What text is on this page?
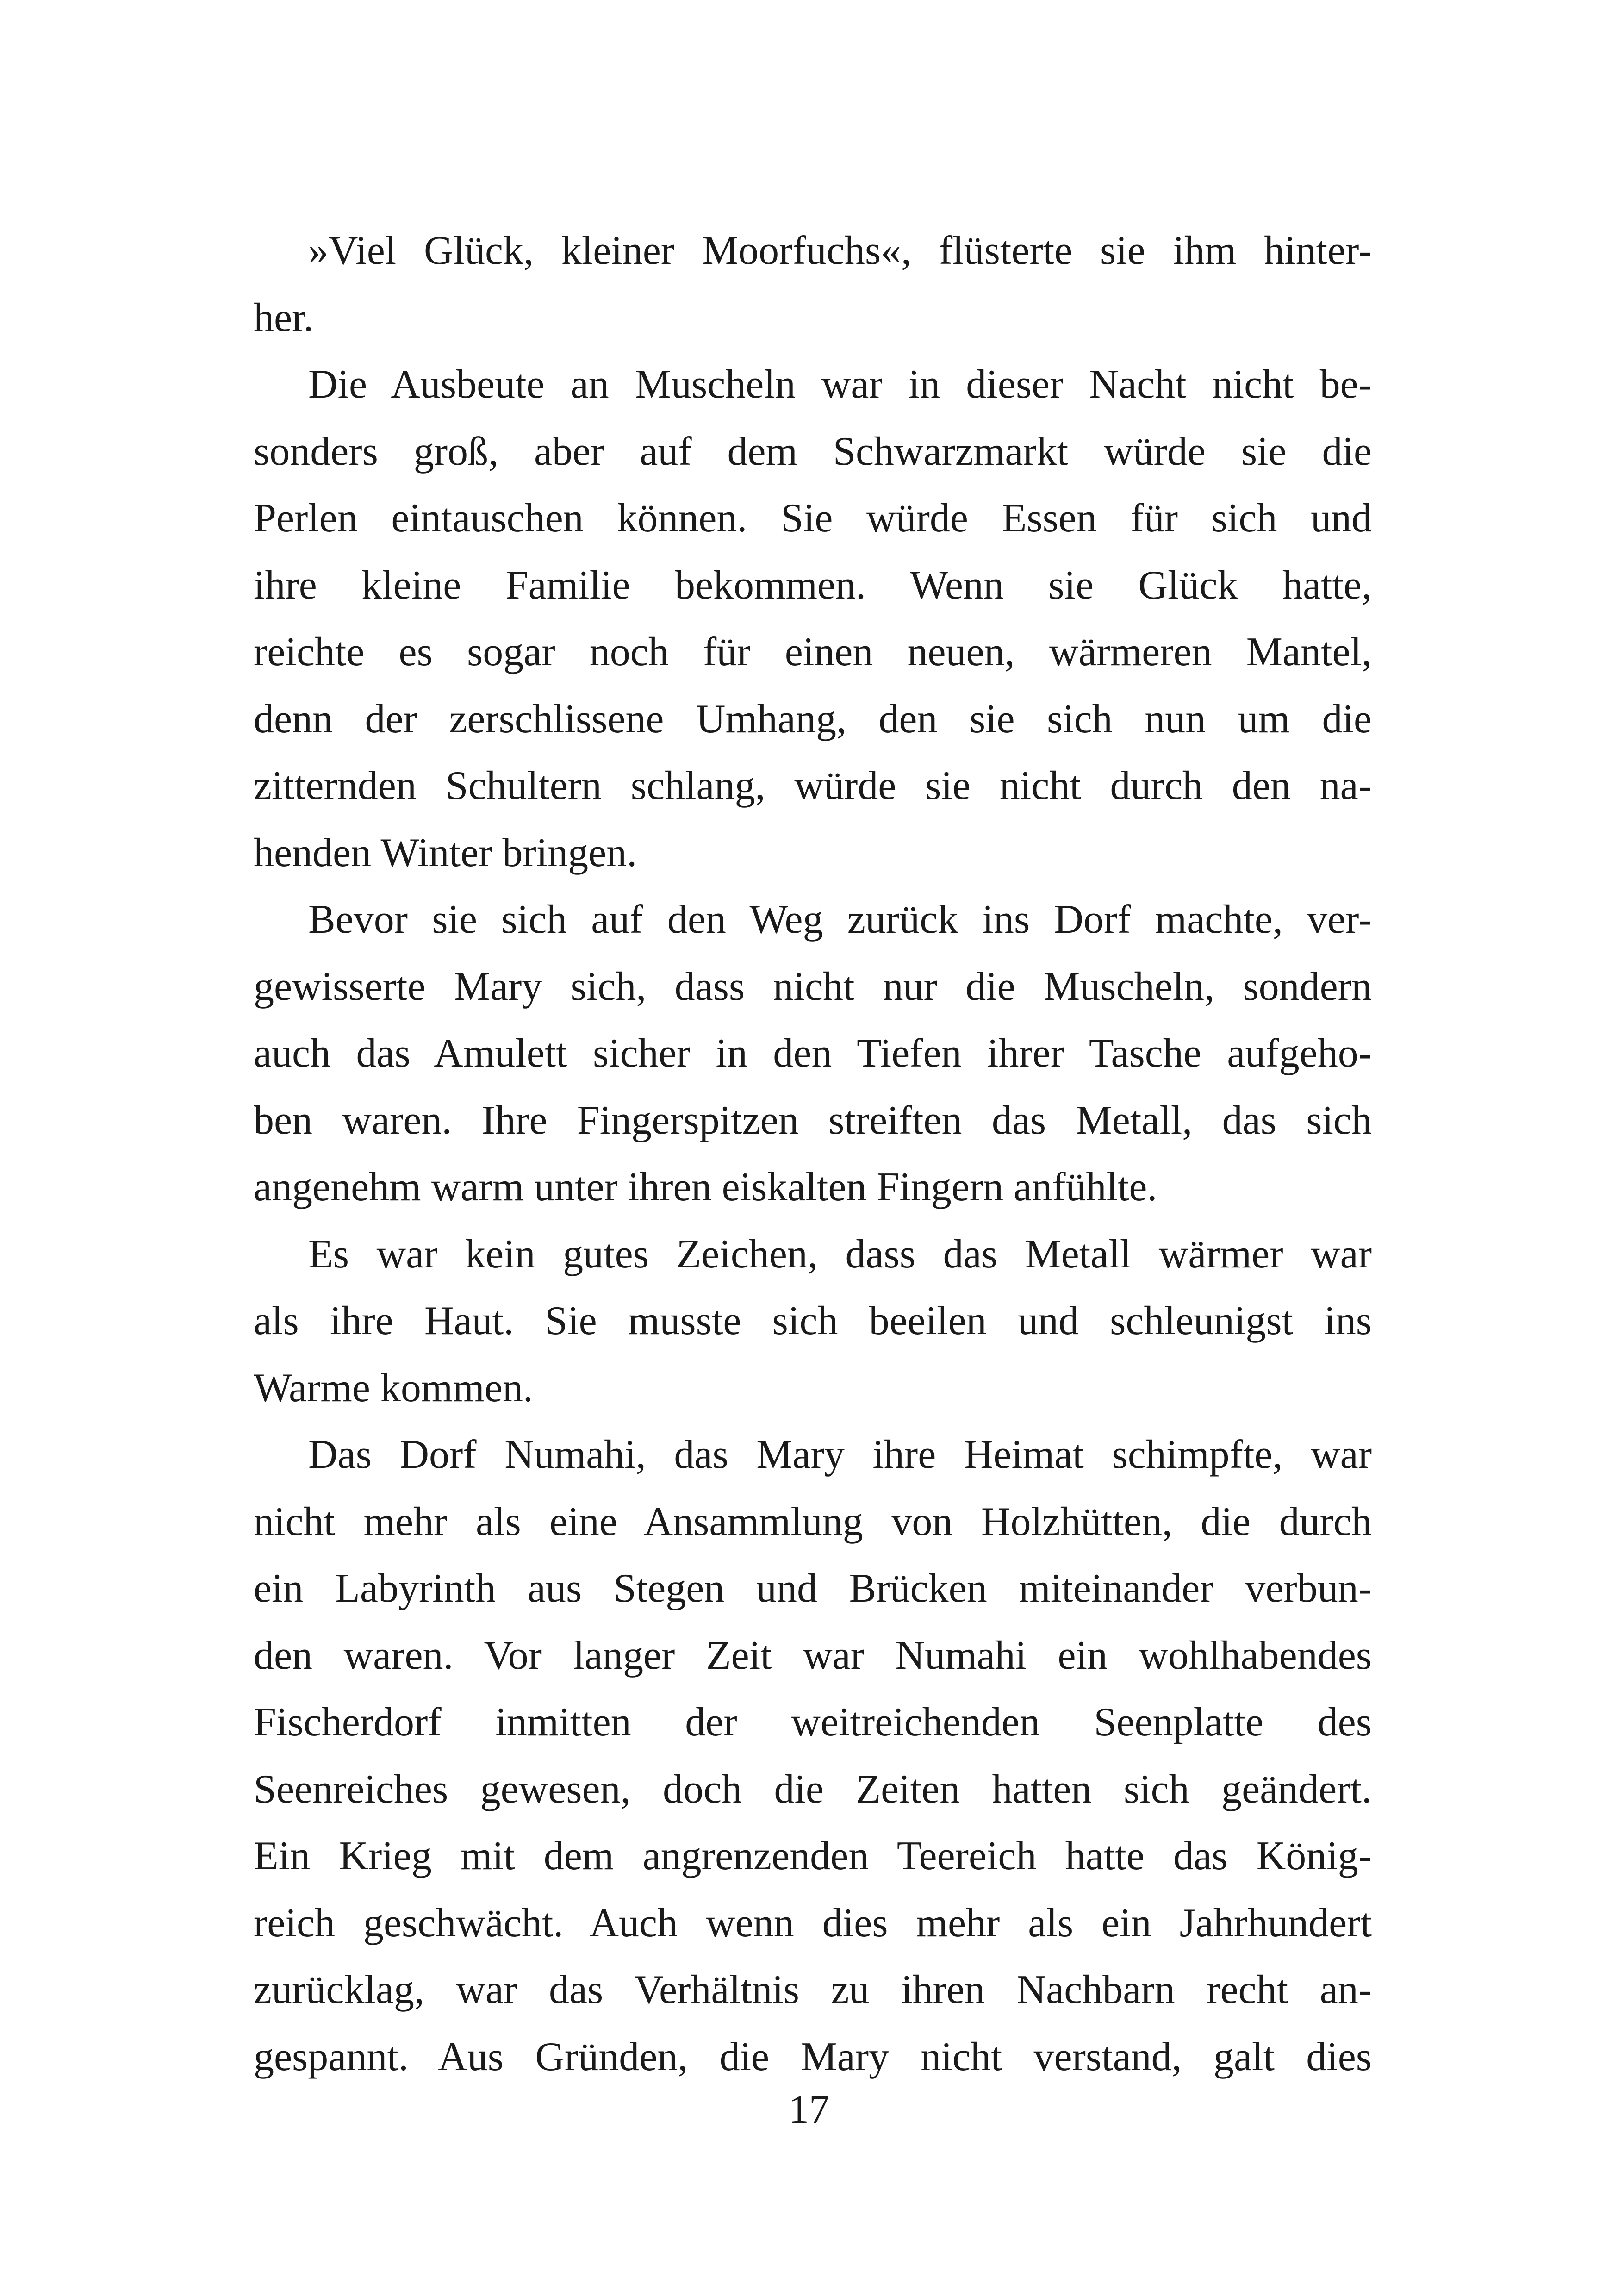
»Viel Glück, kleiner Moorfuchs«, flüsterte sie ihm hinter-
her.
Die Ausbeute an Muscheln war in dieser Nacht nicht be-
sonders groß, aber auf dem Schwarzmarkt würde sie die
Perlen eintauschen können. Sie würde Essen für sich und
ihre kleine Familie bekommen. Wenn sie Glück hatte,
reichte es sogar noch für einen neuen, wärmeren Mantel,
denn der zerschlissene Umhang, den sie sich nun um die
zitternden Schultern schlang, würde sie nicht durch den na-
henden Winter bringen.
Bevor sie sich auf den Weg zurück ins Dorf machte, ver-
gewisserte Mary sich, dass nicht nur die Muscheln, sondern
auch das Amulett sicher in den Tiefen ihrer Tasche aufgeho-
ben waren. Ihre Fingerspitzen streiften das Metall, das sich
angenehm warm unter ihren eiskalten Fingern anfühlte.
Es war kein gutes Zeichen, dass das Metall wärmer war
als ihre Haut. Sie musste sich beeilen und schleunigst ins
Warme kommen.
Das Dorf Numahi, das Mary ihre Heimat schimpfte, war
nicht mehr als eine Ansammlung von Holzhütten, die durch
ein Labyrinth aus Stegen und Brücken miteinander verbun-
den waren. Vor langer Zeit war Numahi ein wohlhabendes
Fischerdorf inmitten der weitreichenden Seenplatte des
Seenreiches gewesen, doch die Zeiten hatten sich geändert.
Ein Krieg mit dem angrenzenden Teereich hatte das König-
reich geschwächt. Auch wenn dies mehr als ein Jahrhundert
zurücklag, war das Verhältnis zu ihren Nachbarn recht an-
gespannt. Aus Gründen, die Mary nicht verstand, galt dies
17
